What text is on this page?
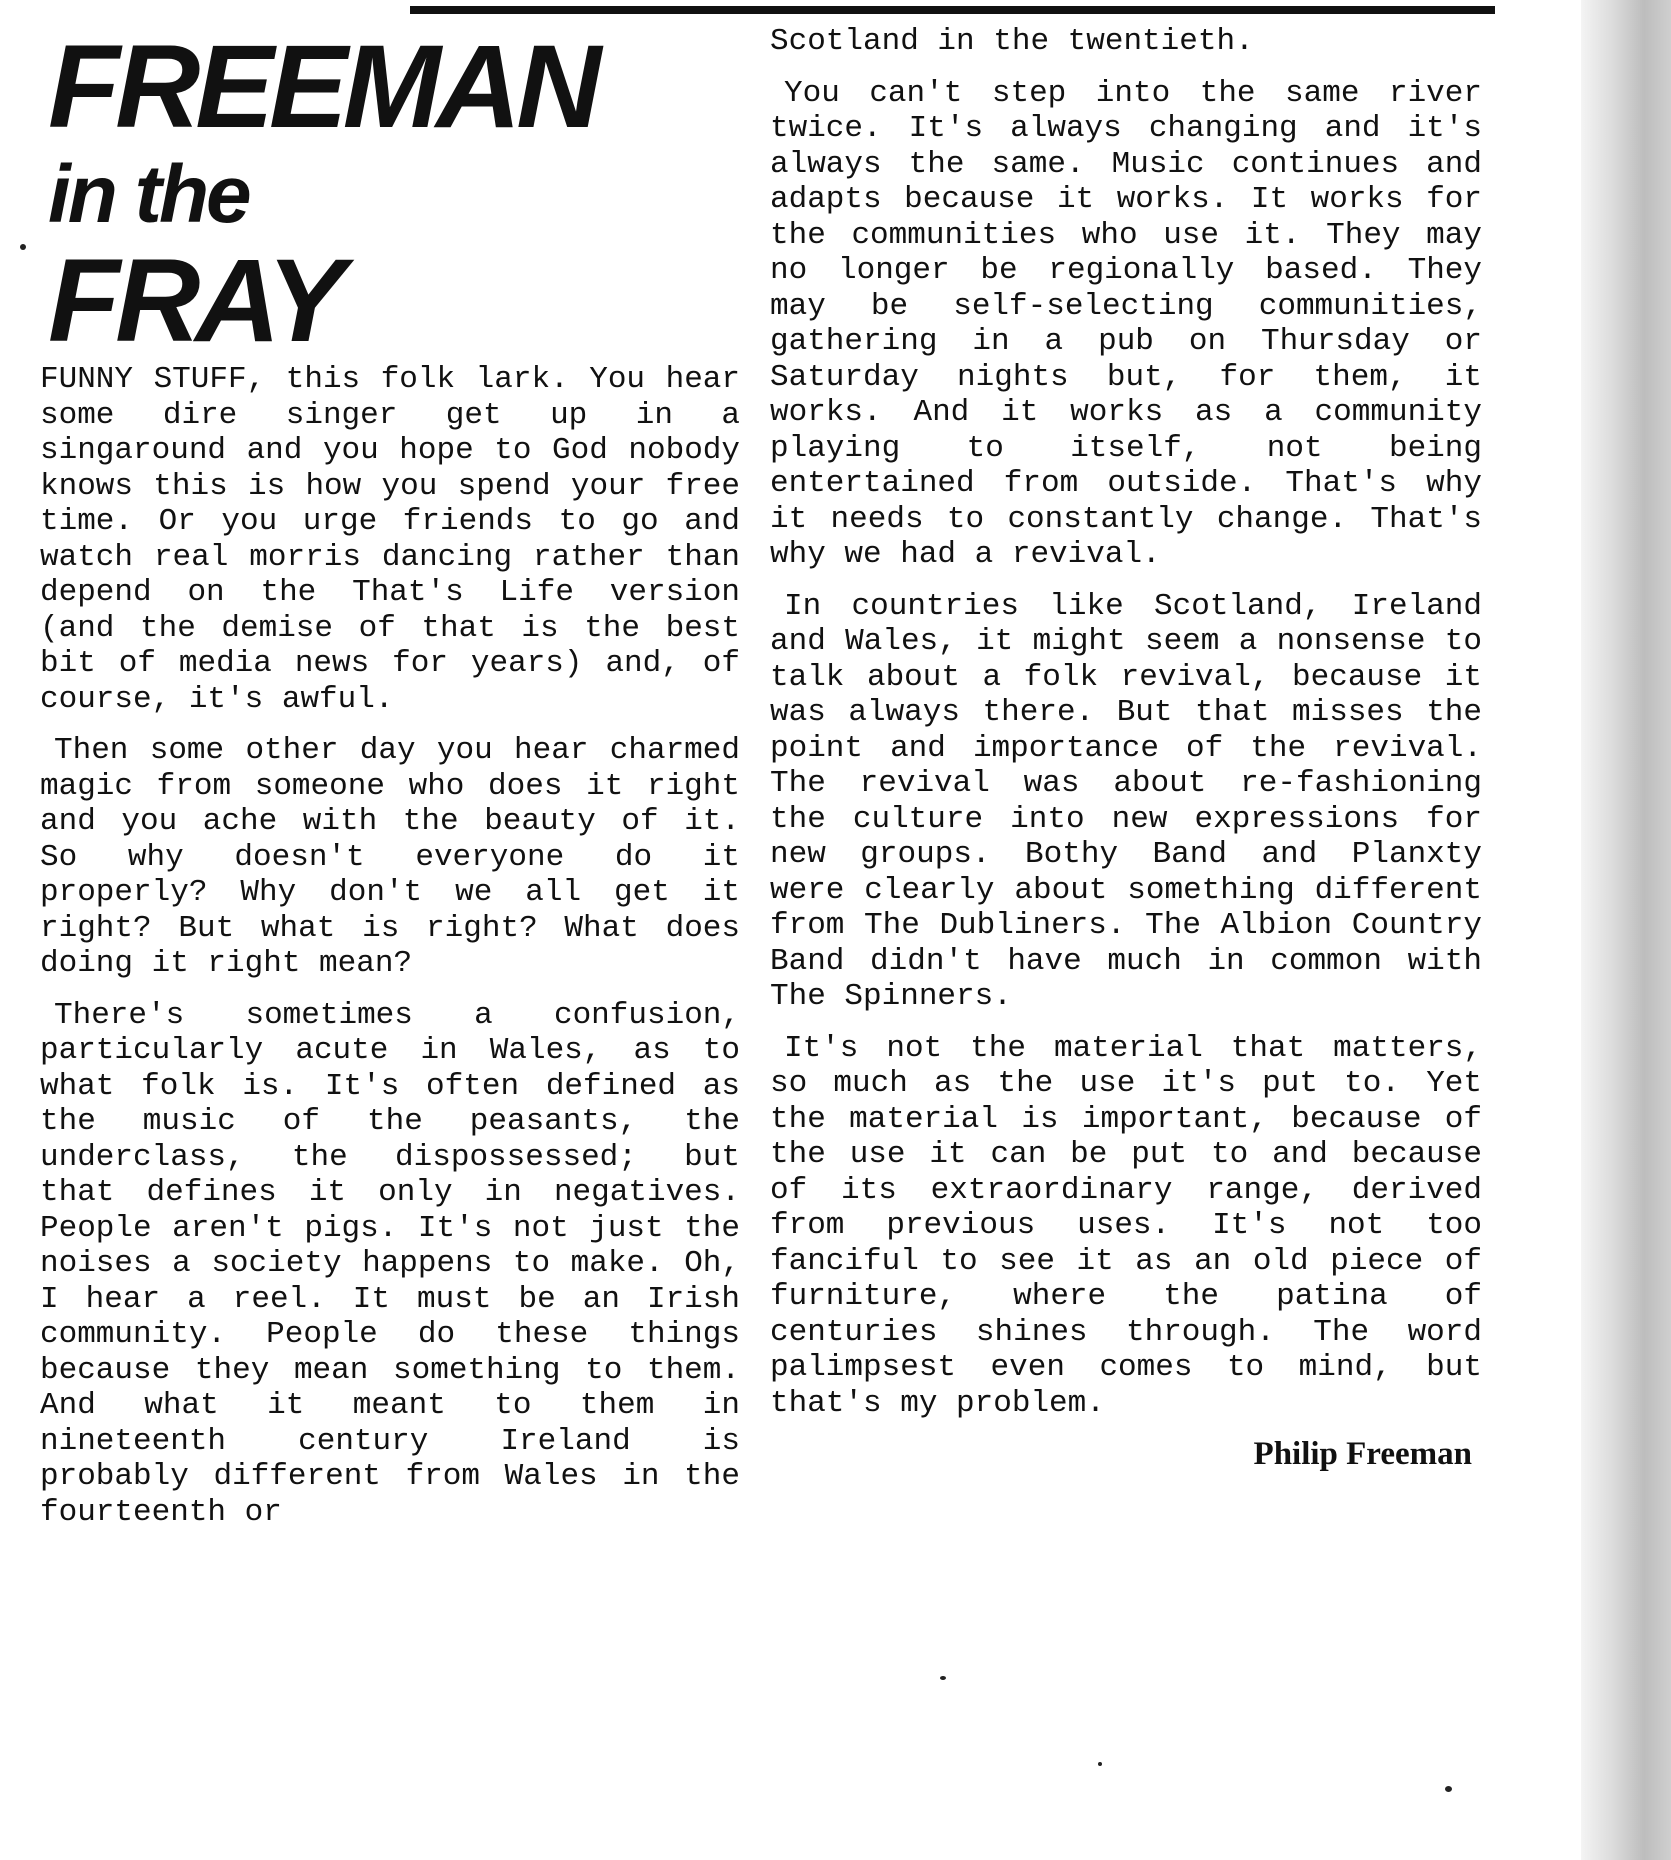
FREEMAN
in the
FRAY

FUNNY STUFF, this folk lark. You hear some dire singer get up in a singaround and you hope to God nobody knows this is how you spend your free time. Or you urge friends to go and watch real morris dancing rather than depend on the That's Life version (and the demise of that is the best bit of media news for years) and, of course, it's awful.

Then some other day you hear charmed magic from someone who does it right and you ache with the beauty of it. So why doesn't everyone do it properly? Why don't we all get it right? But what is right? What does doing it right mean?

There's sometimes a confusion, particularly acute in Wales, as to what folk is. It's often defined as the music of the peasants, the underclass, the dispossessed; but that defines it only in negatives. People aren't pigs. It's not just the noises a society happens to make. Oh, I hear a reel. It must be an Irish community. People do these things because they mean something to them. And what it meant to them in nineteenth century Ireland is probably different from Wales in the fourteenth or

Scotland in the twentieth.

You can't step into the same river twice. It's always changing and it's always the same. Music continues and adapts because it works. It works for the communities who use it. They may no longer be regionally based. They may be self-selecting communities, gathering in a pub on Thursday or Saturday nights but, for them, it works. And it works as a community playing to itself, not being entertained from outside. That's why it needs to constantly change. That's why we had a revival.

In countries like Scotland, Ireland and Wales, it might seem a nonsense to talk about a folk revival, because it was always there. But that misses the point and importance of the revival. The revival was about re-fashioning the culture into new expressions for new groups. Bothy Band and Planxty were clearly about something different from The Dubliners. The Albion Country Band didn't have much in common with The Spinners.

It's not the material that matters, so much as the use it's put to. Yet the material is important, because of the use it can be put to and because of its extraordinary range, derived from previous uses. It's not too fanciful to see it as an old piece of furniture, where the patina of centuries shines through. The word palimpsest even comes to mind, but that's my problem.

Philip Freeman
